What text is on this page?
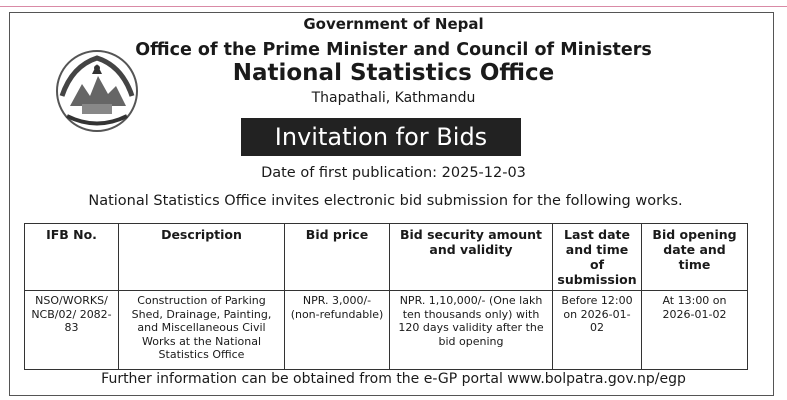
Government of Nepal
Office of the Prime Minister and Council of Ministers
National Statistics Office
Thapathali, Kathmandu
Invitation for Bids
Date of first publication: 2025-12-03
National Statistics Office invites electronic bid submission for the following works.
IFB No.	Description	Bid price	Bid security amount and validity	Last date and time of submission	Bid opening date and time
NSO/WORKS/ NCB/02/ 2082-83	Construction of Parking Shed, Drainage, Painting, and Miscellaneous Civil Works at the National Statistics Office	NPR. 3,000/- (non-refundable)	NPR. 1,10,000/- (One lakh ten thousands only) with 120 days validity after the bid opening	Before 12:00 on 2026-01-02	At 13:00 on 2026-01-02
Further information can be obtained from the e-GP portal www.bolpatra.gov.np/egp
